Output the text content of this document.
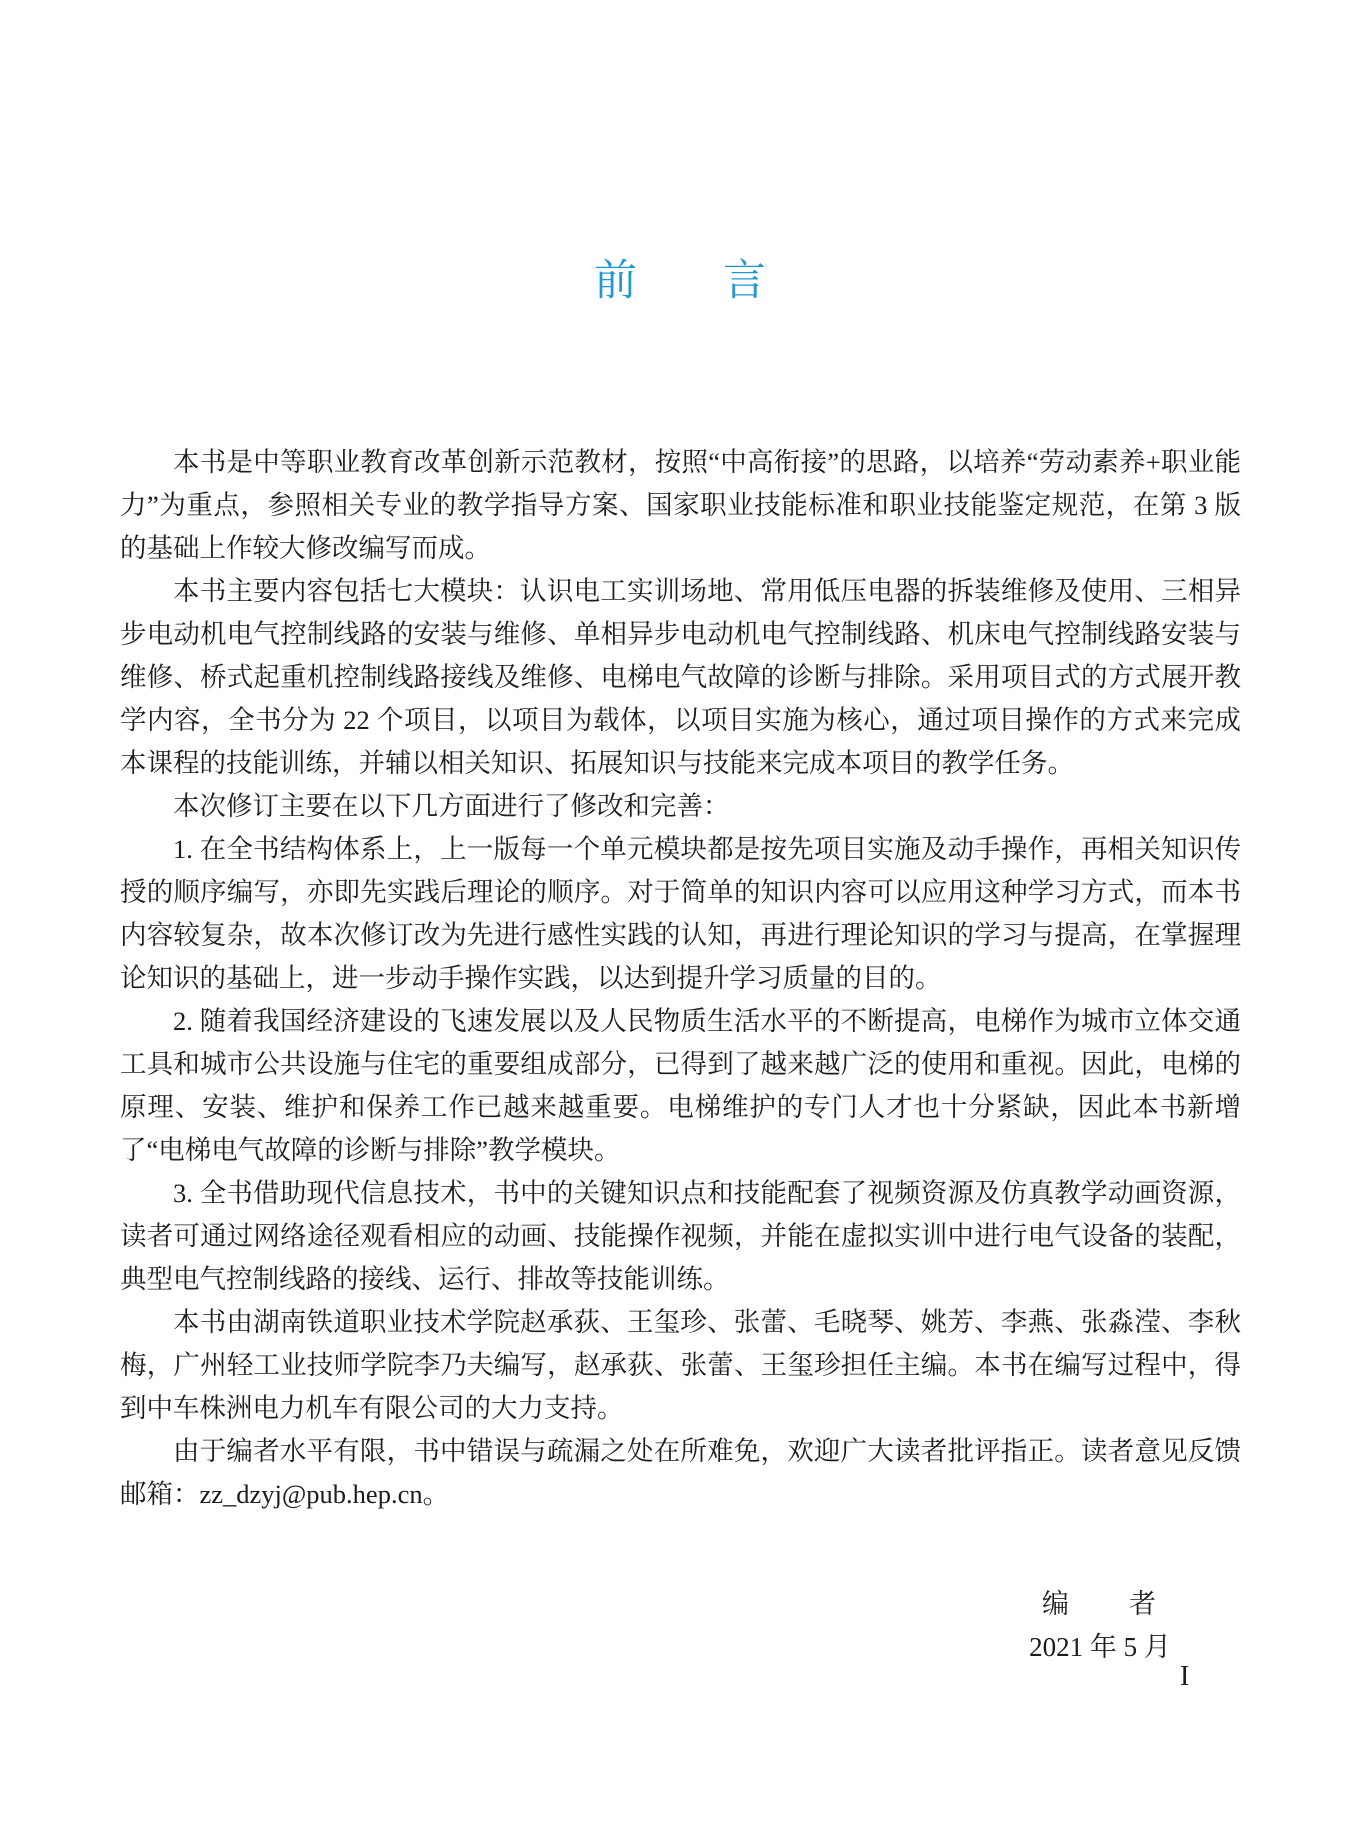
前　　言

本书是中等职业教育改革创新示范教材，按照“中高衔接”的思路，以培养“劳动素养+职业能力”为重点，参照相关专业的教学指导方案、国家职业技能标准和职业技能鉴定规范，在第 3 版的基础上作较大修改编写而成。

本书主要内容包括七大模块：认识电工实训场地、常用低压电器的拆装维修及使用、三相异步电动机电气控制线路的安装与维修、单相异步电动机电气控制线路、机床电气控制线路安装与维修、桥式起重机控制线路接线及维修、电梯电气故障的诊断与排除。采用项目式的方式展开教学内容，全书分为 22 个项目，以项目为载体，以项目实施为核心，通过项目操作的方式来完成本课程的技能训练，并辅以相关知识、拓展知识与技能来完成本项目的教学任务。

本次修订主要在以下几方面进行了修改和完善：

1. 在全书结构体系上，上一版每一个单元模块都是按先项目实施及动手操作，再相关知识传授的顺序编写，亦即先实践后理论的顺序。对于简单的知识内容可以应用这种学习方式，而本书内容较复杂，故本次修订改为先进行感性实践的认知，再进行理论知识的学习与提高，在掌握理论知识的基础上，进一步动手操作实践，以达到提升学习质量的目的。

2. 随着我国经济建设的飞速发展以及人民物质生活水平的不断提高，电梯作为城市立体交通工具和城市公共设施与住宅的重要组成部分，已得到了越来越广泛的使用和重视。因此，电梯的原理、安装、维护和保养工作已越来越重要。电梯维护的专门人才也十分紧缺，因此本书新增了“电梯电气故障的诊断与排除”教学模块。

3. 全书借助现代信息技术，书中的关键知识点和技能配套了视频资源及仿真教学动画资源，读者可通过网络途径观看相应的动画、技能操作视频，并能在虚拟实训中进行电气设备的装配，典型电气控制线路的接线、运行、排故等技能训练。

本书由湖南铁道职业技术学院赵承荻、王玺珍、张蕾、毛晓琴、姚芳、李燕、张淼滢、李秋梅，广州轻工业技师学院李乃夫编写，赵承荻、张蕾、王玺珍担任主编。本书在编写过程中，得到中车株洲电力机车有限公司的大力支持。

由于编者水平有限，书中错误与疏漏之处在所难免，欢迎广大读者批评指正。读者意见反馈邮箱：zz_dzyj@pub.hep.cn。

编　　者
2021 年 5 月
I
